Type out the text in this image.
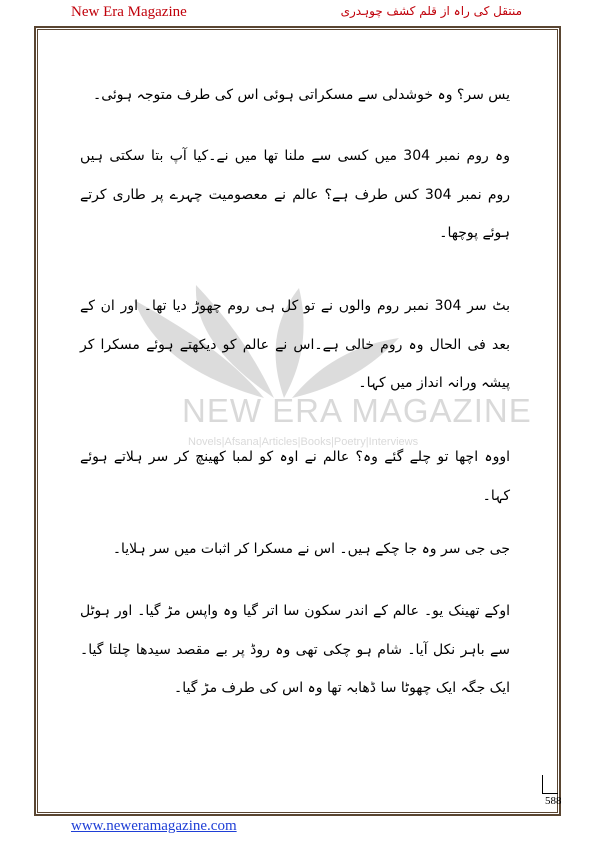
New Era Magazine	منتقل کی راہ از قلم کشف چوہدری
NEW ERA MAGAZINE
Novels|Afsana|Articles|Books|Poetry|Interviews
یس سر؟ وہ خوشدلی سے مسکراتی ہوئی اس کی طرف متوجہ ہوئی۔
وہ روم نمبر 304 میں کسی سے ملنا تھا میں نے۔کیا آپ بتا سکتی ہیں روم نمبر 304 کس طرف ہے؟ عالم نے معصومیت چہرے پر طاری کرتے ہوئے پوچھا۔
بٹ سر 304 نمبر روم والوں نے تو کل ہی روم چھوڑ دیا تھا۔ اور ان کے بعد فی الحال وہ روم خالی ہے۔اس نے عالم کو دیکھتے ہوئے مسکرا کر پیشہ ورانہ انداز میں کہا۔
اووہ اچھا تو چلے گئے وہ؟ عالم نے اوہ کو لمبا کھینچ کر سر ہلاتے ہوئے کہا۔
جی جی سر وہ جا چکے ہیں۔ اس نے مسکرا کر اثبات میں سر ہلایا۔
اوکے تھینک یو۔ عالم کے اندر سکون سا اتر گیا وہ واپس مڑ گیا۔ اور ہوٹل سے باہر نکل آیا۔ شام ہو چکی تھی وہ روڈ پر بے مقصد سیدھا چلتا گیا۔ ایک جگہ ایک چھوٹا سا ڈھابہ تھا وہ اس کی طرف مڑ گیا۔
588
www.neweramagazine.com
